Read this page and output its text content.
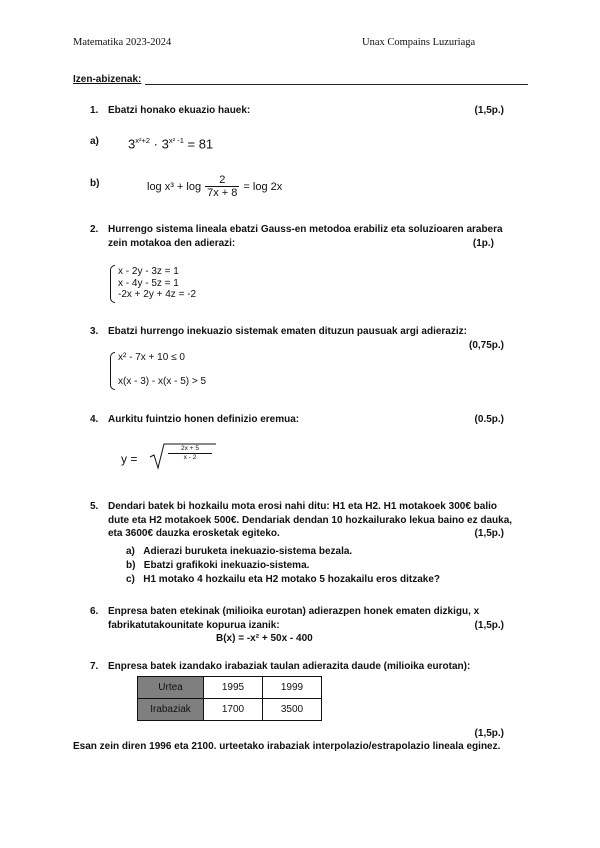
Matematika 2023-2024	Unax Compains Luzuriaga
Izen-abizenak:
1. Ebatzi honako ekuazio hauek:	(1,5p.)
a) $3^{x^2+2} \cdot 3^{x^2 -1} = 81$
b)	$\log x^3 + \log \frac{2}{7x + 8} = \log 2x$
2. Hurrengo sistema lineala ebatzi Gauss-en metodoa erabiliz eta soluzioaren arabera zein motakoa den adierazi:	(1p.)
x - 2y - 3z = 1
x - 4y - 5z = 1
-2x + 2y + 4z = -2
3. Ebatzi hurrengo inekuazio sistemak ematen dituzun pausuak argi adieraziz:
(0,75p.)
x² - 7x + 10 ≤ 0
x(x - 3) - x(x - 5) > 5
4. Aurkitu fuintzio honen definizio eremua:	(0.5p.)
y =	$\frac{2x + 5}{x - 2}$
5. Dendari batek bi hozkailu mota erosi nahi ditu: H1 eta H2. H1 motakoek 300€ balio dute eta H2 motakoek 500€. Dendariak dendan 10 hozkailurako lekua baino ez dauka, eta 3600€ dauzka erosketak egiteko.	(1,5p.)
a) Adierazi buruketa inekuazio-sistema bezala.
b) Ebatzi grafikoki inekuazio-sistema.
c) H1 motako 4 hozkailu eta H2 motako 5 hozakailu eros ditzake?
6. Enpresa baten etekinak (milioika eurotan) adierazpen honek ematen dizkigu, x fabrikatutakounitate kopurua izanik:	(1,5p.)
B(x) = -x² + 50x - 400
7. Enpresa batek izandako irabaziak taulan adierazita daude (milioika eurotan):
Urtea	1995	1999
Irabaziak	1700	3500
(1,5p.)
Esan zein diren 1996 eta 2100. urteetako irabaziak interpolazio/estrapolazio lineala eginez.
